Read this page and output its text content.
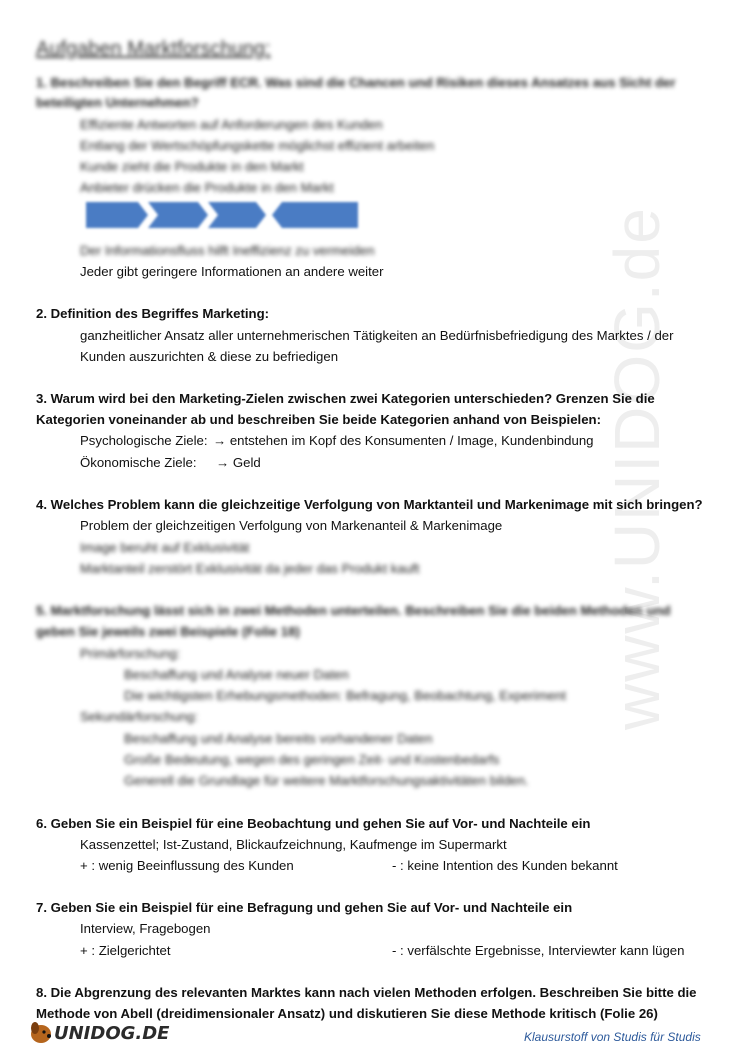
www.UNIDOG.de
Aufgaben Marktforschung:
1. Beschreiben Sie den Begriff ECR. Was sind die Chancen und Risiken dieses Ansatzes aus Sicht der
beteiligten Unternehmen?
Effiziente Antworten auf Anforderungen des Kunden
Entlang der Wertschöpfungskette möglichst effizient arbeiten
Kunde zieht die Produkte in den Markt
Anbieter drücken die Produkte in den Markt
Der Informationsfluss hilft Ineffizienz zu vermeiden
Jeder gibt geringere Informationen an andere weiter
2. Definition des Begriffes Marketing:
ganzheitlicher Ansatz aller unternehmerischen Tätigkeiten an Bedürfnisbefriedigung des Marktes / der
Kunden auszurichten & diese zu befriedigen
3. Warum wird bei den Marketing-Zielen zwischen zwei Kategorien unterschieden? Grenzen Sie die
Kategorien voneinander ab und beschreiben Sie beide Kategorien anhand von Beispielen:
Psychologische Ziele: → entstehen im Kopf des Konsumenten / Image, Kundenbindung
Ökonomische Ziele: → Geld
4. Welches Problem kann die gleichzeitige Verfolgung von Marktanteil und Markenimage mit sich bringen?
Problem der gleichzeitigen Verfolgung von Markenanteil & Markenimage
Image beruht auf Exklusivität
Marktanteil zerstört Exklusivität da jeder das Produkt kauft
5. Marktforschung lässt sich in zwei Methoden unterteilen. Beschreiben Sie die beiden Methoden und
geben Sie jeweils zwei Beispiele (Folie 18)
Primärforschung:
Beschaffung und Analyse neuer Daten
Die wichtigsten Erhebungsmethoden: Befragung, Beobachtung, Experiment
Sekundärforschung:
Beschaffung und Analyse bereits vorhandener Daten
Große Bedeutung, wegen des geringen Zeit- und Kostenbedarfs
Generell die Grundlage für weitere Marktforschungsaktivitäten bilden.
6. Geben Sie ein Beispiel für eine Beobachtung und gehen Sie auf Vor- und Nachteile ein
Kassenzettel; Ist-Zustand, Blickaufzeichnung, Kaufmenge im Supermarkt
+ : wenig Beeinflussung des Kunden	- : keine Intention des Kunden bekannt
7. Geben Sie ein Beispiel für eine Befragung und gehen Sie auf Vor- und Nachteile ein
Interview, Fragebogen
+ : Zielgerichtet	- : verfälschte Ergebnisse, Interviewter kann lügen
8. Die Abgrenzung des relevanten Marktes kann nach vielen Methoden erfolgen. Beschreiben Sie bitte die
Methode von Abell (dreidimensionaler Ansatz) und diskutieren Sie diese Methode kritisch (Folie 26)
UNIDOG.DE	Klausurstoff von Studis für Studis
